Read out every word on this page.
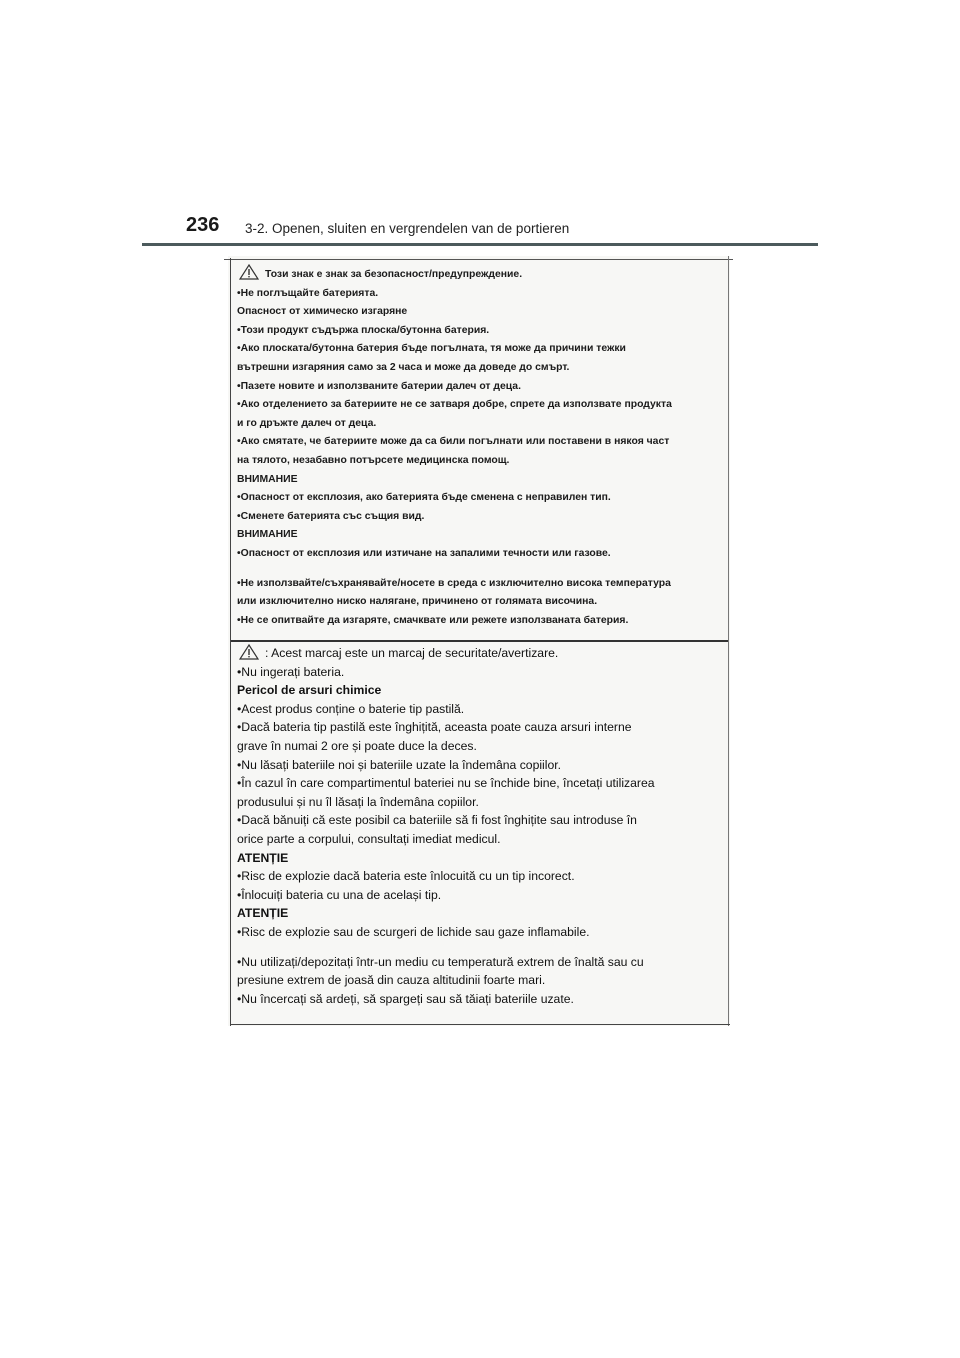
236 3-2. Openen, sluiten en vergrendelen van de portieren

Този знак е знак за безопасност/предупреждение.

•Не поглъщайте батерията.

Опасност от химическо изгаряне

•Този продукт съдържа плоска/бутонна батерия.

•Ако плоската/бутонна батерия бъде погълната, тя може да причини тежки

вътрешни изгаряния само за 2 часа и може да доведе до смърт.

•Пазете новите и използваните батерии далеч от деца.

•Ако отделението за батериите не се затваря добре, спрете да използвате продукта

и го дръжте далеч от деца.

•Ако смятате, че батериите може да са били погълнати или поставени в някоя част

на тялото, незабавно потърсете медицинска помощ.

ВНИМАНИЕ

•Опасност от експлозия, ако батерията бъде сменена с неправилен тип.

•Сменете батерията със същия вид.

ВНИМАНИЕ

•Опасност от експлозия или изтичане на запалими течности или газове.

•Не използвайте/съхранявайте/носете в среда с изключително висока температура

или изключително ниско налягане, причинено от голямата височина.

•Не се опитвайте да изгаряте, смачквате или режете използваната батерия.

: Acest marcaj este un marcaj de securitate/avertizare.

•Nu ingerați bateria.

Pericol de arsuri chimice

•Acest produs conține o baterie tip pastilă.

•Dacă bateria tip pastilă este înghițită, aceasta poate cauza arsuri interne

grave în numai 2 ore și poate duce la deces.

•Nu lăsați bateriile noi și bateriile uzate la îndemâna copiilor.

•În cazul în care compartimentul bateriei nu se închide bine, încetați utilizarea

produsului și nu îl lăsați la îndemâna copiilor.

•Dacă bănuiți că este posibil ca bateriile să fi fost înghițite sau introduse în

orice parte a corpului, consultați imediat medicul.

ATENȚIE

•Risc de explozie dacă bateria este înlocuită cu un tip incorect.

•Înlocuiți bateria cu una de același tip.

ATENȚIE

•Risc de explozie sau de scurgeri de lichide sau gaze inflamabile.

•Nu utilizați/depozitați într-un mediu cu temperatură extrem de înaltă sau cu

presiune extrem de joasă din cauza altitudinii foarte mari.

•Nu încercați să ardeți, să spargeți sau să tăiați bateriile uzate.
